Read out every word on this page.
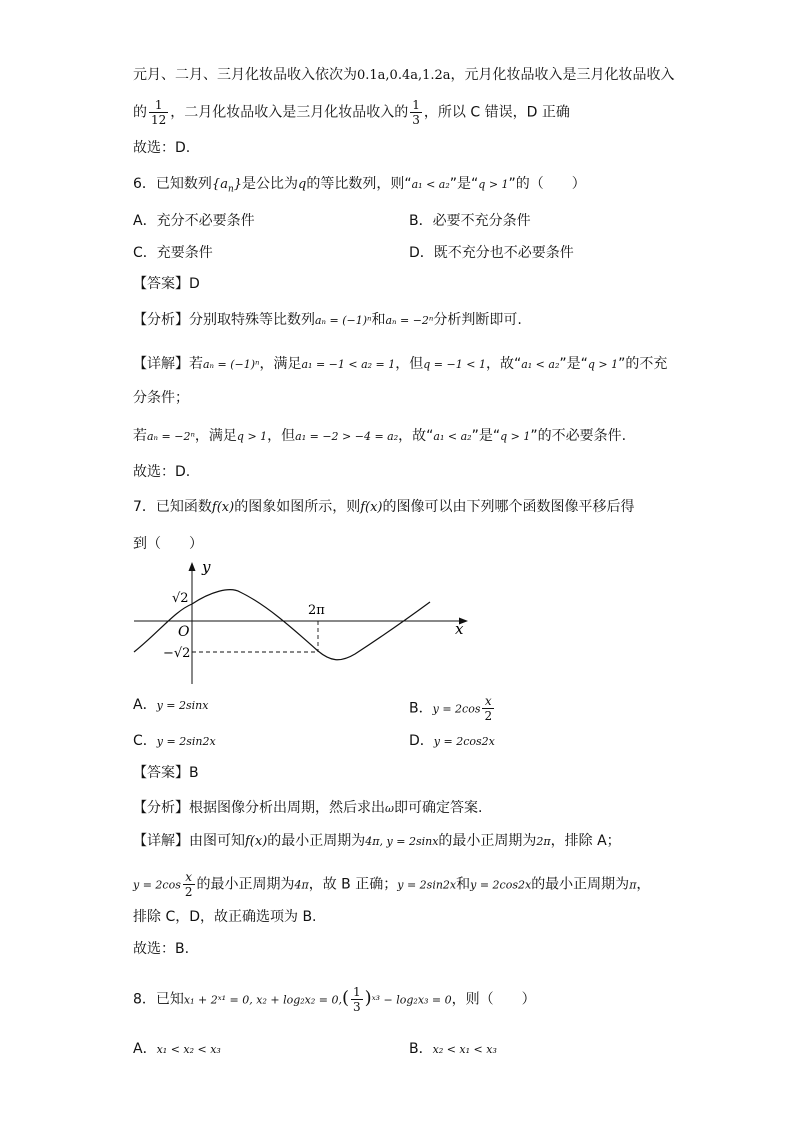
元月、二月、三月化妆品收入依次为0.1a,0.4a,1.2a，元月化妆品收入是三月化妆品收入
的 $\frac{1}{12}$ ，二月化妆品收入是三月化妆品收入的 $\frac{1}{3}$ ，所以 C 错误，D 正确
故选：D.
6．已知数列$\{a_n\}$是公比为q的等比数列，则“a₁ < a₂”是“q > 1”的（　　）
A．充分不必要条件	B．必要不充分条件
C．充要条件	D．既不充分也不必要条件
【答案】D
【分析】分别取特殊等比数列aₙ = (−1)ⁿ和aₙ = −2ⁿ分析判断即可.
【详解】若aₙ = (−1)ⁿ，满足a₁ = −1 < a₂ = 1，但q = −1 < 1，故“a₁ < a₂”是“q > 1”的不充
分条件；
若aₙ = −2ⁿ，满足q > 1，但a₁ = −2 > −4 = a₂，故“a₁ < a₂”是“q > 1”的不必要条件.
故选：D.
7．已知函数f(x)的图象如图所示，则f(x)的图像可以由下列哪个函数图像平移后得
到（　　）
y
x
O
√2
−√2
2π
A．y = 2sinx	B．$y = 2\cos \frac{x}{2}$
C．y = 2sin2x	D．y = 2cos2x
【答案】B
【分析】根据图像分析出周期，然后求出ω即可确定答案.
【详解】由图可知f(x)的最小正周期为4π, y = 2sinx的最小正周期为2π，排除 A；
$y = 2\cos \frac{x}{2}$ 的最小正周期为4π，故 B 正确；y = 2sin2x和y = 2cos2x的最小正周期为π，
排除 C，D，故正确选项为 B.
故选：B.
8．已知x₁ + 2ˣ¹ = 0, $x_2 + \log_2x_2 = 0,( \frac{1}{3}$ )ˣ³ − log₂x₃ = 0，则（　　）
A．x₁ < x₂ < x₃	B．x₂ < x₁ < x₃
